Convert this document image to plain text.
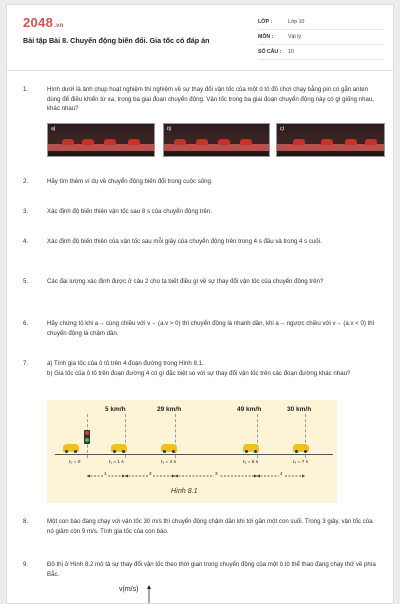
2048.vn
Bài tập Bài 8. Chuyển động biến đổi. Gia tốc có đáp án
LỚP :	Lớp 10
MÔN :	Vật lý
SỐ CÂU :	10
1.	Hình dưới là ảnh chụp hoạt nghiệm thí nghiệm về sự thay đổi vận tốc của một ô tô đồ chơi chạy bằng pin có gắn anten dùng để điều khiển từ xa, trong ba giai đoạn chuyển động. Vận tốc trong ba giai đoạn chuyển động này có gì giống nhau, khác nhau?
a)	b)	c)
2.	Hãy tìm thêm ví dụ về chuyển động biến đổi trong cuộc sống.
3.	Xác định độ biến thiên vận tốc sau 8 s của chuyển động trên.
4.	Xác định độ biến thiên của vận tốc sau mỗi giây của chuyển động trên trong 4 s đầu và trong 4 s cuối.
5.	Các đại lượng xác định được ở câu 2 cho ta biết điều gì về sự thay đổi vận tốc của chuyển động trên?
6.	Hãy chứng tỏ khi a→ cùng chiều với v→ (a.v > 0) thì chuyển động là nhanh dần, khi a→ ngược chiều với v→ (a.v < 0) thì chuyển động là chậm dần.

7.	a) Tính gia tốc của ô tô trên 4 đoạn đường trong Hình 8.1.
b) Gia tốc của ô tô trên đoạn đường 4 có gì đặc biệt so với sự thay đổi vận tốc trên các đoạn đường khác nhau?

5 km/h	29 km/h	49 km/h	30 km/h
t₀ = 0	t₁ = 1 s	t₂ = 4 s	t₃ = 6 s	t₄ = 7 s
1	2	3	4
Hình 8.1
8.	Một con báo đang chạy với vận tốc 30 m/s thì chuyển động chậm dần khi tới gần một con suối. Trong 3 giây, vận tốc của nó giảm còn 9 m/s. Tính gia tốc của con báo.
9.	Đồ thị ở Hình 8.2 mô tả sự thay đổi vận tốc theo thời gian trong chuyển động của một ô tô thể thao đang chạy thử về phía Bắc.
v(m/s)
